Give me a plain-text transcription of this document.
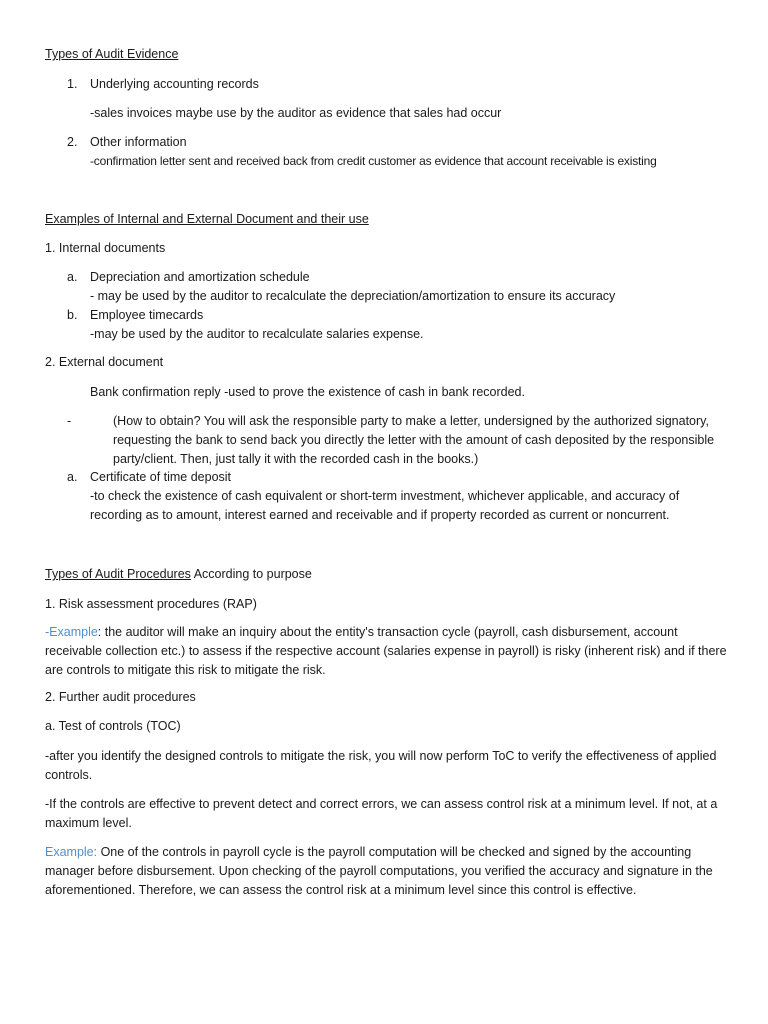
Types of Audit Evidence

1. Underlying accounting records

-sales invoices maybe use by the auditor as evidence that sales had occur

2. Other information

-confirmation letter sent and received back from credit customer as evidence that account receivable is existing

Examples of Internal and External Document and their use

1. Internal documents

a. Depreciation and amortization schedule

- may be used by the auditor to recalculate the depreciation/amortization to ensure its accuracy

b. Employee timecards

-may be used by the auditor to recalculate salaries expense.

2. External document

Bank confirmation reply -used to prove the existence of cash in bank recorded.

-	(How to obtain? You will ask the responsible party to make a letter, undersigned by the authorized signatory, requesting the bank to send back you directly the letter with the amount of cash deposited by the responsible party/client. Then, just tally it with the recorded cash in the books.)
a. Certificate of time deposit

-to check the existence of cash equivalent or short-term investment, whichever applicable, and accuracy of recording as to amount, interest earned and receivable and if property recorded as current or noncurrent.

Types of Audit Procedures According to purpose

1. Risk assessment procedures (RAP)

-Example: the auditor will make an inquiry about the entity's transaction cycle (payroll, cash disbursement, account receivable collection etc.) to assess if the respective account (salaries expense in payroll) is risky (inherent risk) and if there are controls to mitigate this risk to mitigate the risk.

2. Further audit procedures

a. Test of controls (TOC)

-after you identify the designed controls to mitigate the risk, you will now perform ToC to verify the effectiveness of applied controls.

-If the controls are effective to prevent detect and correct errors, we can assess control risk at a minimum level. If not, at a maximum level.

Example: One of the controls in payroll cycle is the payroll computation will be checked and signed by the accounting manager before disbursement. Upon checking of the payroll computations, you verified the accuracy and signature in the aforementioned. Therefore, we can assess the control risk at a minimum level since this control is effective.
